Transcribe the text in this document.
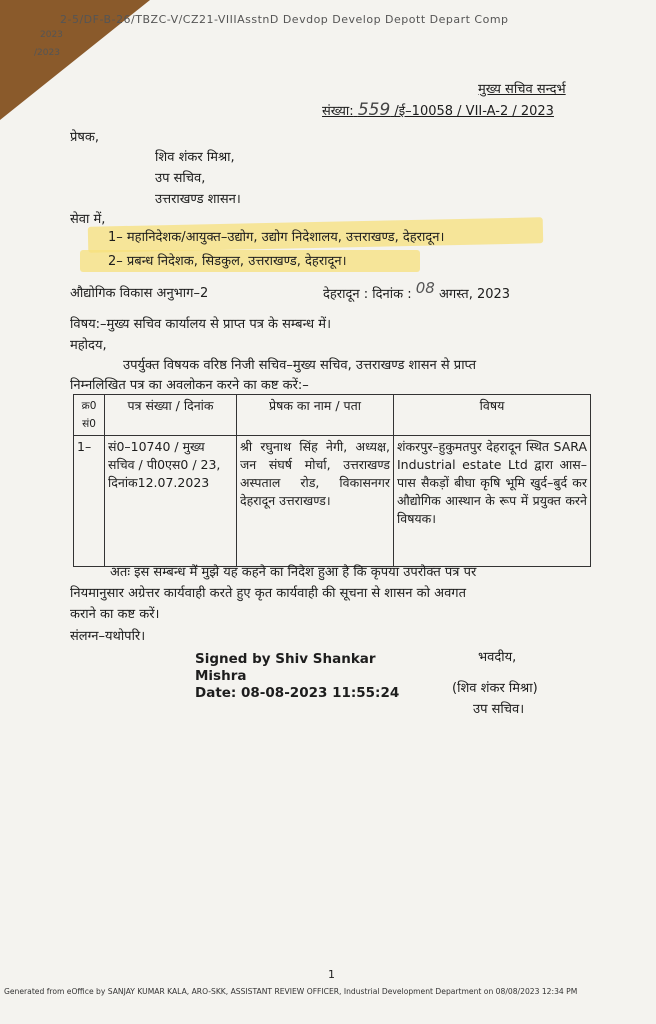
2-5/DF-B-26/TBZC-V/CZ21-VIIIAsstnD Devdop Develop Depott Depart Comp
2023
/2023
मुख्य सचिव सन्दर्भ
संख्या: 559 /ई–10058 / VII-A-2 / 2023
प्रेषक,
शिव शंकर मिश्रा,
उप सचिव,
उत्तराखण्ड शासन।
सेवा में,
1– महानिदेशक/आयुक्त–उद्योग, उद्योग निदेशालय, उत्तराखण्ड, देहरादून।
2– प्रबन्ध निदेशक, सिडकुल, उत्तराखण्ड, देहरादून।
औद्योगिक विकास अनुभाग–2	देहरादून : दिनांक : 08 अगस्त, 2023
विषय:–मुख्य सचिव कार्यालय से प्राप्त पत्र के सम्बन्ध में।
महोदय,
उपर्युक्त विषयक वरिष्ठ निजी सचिव–मुख्य सचिव, उत्तराखण्ड शासन से प्राप्त
निम्नलिखित पत्र का अवलोकन करने का कष्ट करें:–
क्र0 सं0	पत्र संख्या / दिनांक	प्रेषक का नाम / पता	विषय
1–	सं0–10740 / मुख्य सचिव / पी0एस0 / 23, दिनांक12.07.2023	श्री रघुनाथ सिंह नेगी, अध्यक्ष, जन संघर्ष मोर्चा, उत्तराखण्ड अस्पताल रोड, विकासनगर देहरादून उत्तराखण्ड।	शंकरपुर–हुकुमतपुर देहरादून स्थित SARA Industrial estate Ltd द्वारा आस–पास सैकड़ों बीघा कृषि भूमि खुर्द–बुर्द कर औद्योगिक आस्थान के रूप में प्रयुक्त करने विषयक।
अतः इस सम्बन्ध में मुझे यह कहने का निदेश हुआ है कि कृपया उपरोक्त पत्र पर
नियमानुसार अग्रेत्तर कार्यवाही करते हुए कृत कार्यवाही की सूचना से शासन को अवगत
कराने का कष्ट करें।
संलग्न–यथोपरि।
Signed by Shiv Shankar
Mishra
Date: 08-08-2023 11:55:24
भवदीय,
(शिव शंकर मिश्रा)
उप सचिव।
1
Generated from eOffice by SANJAY KUMAR KALA, ARO-SKK, ASSISTANT REVIEW OFFICER, Industrial Development Department on 08/08/2023 12:34 PM
